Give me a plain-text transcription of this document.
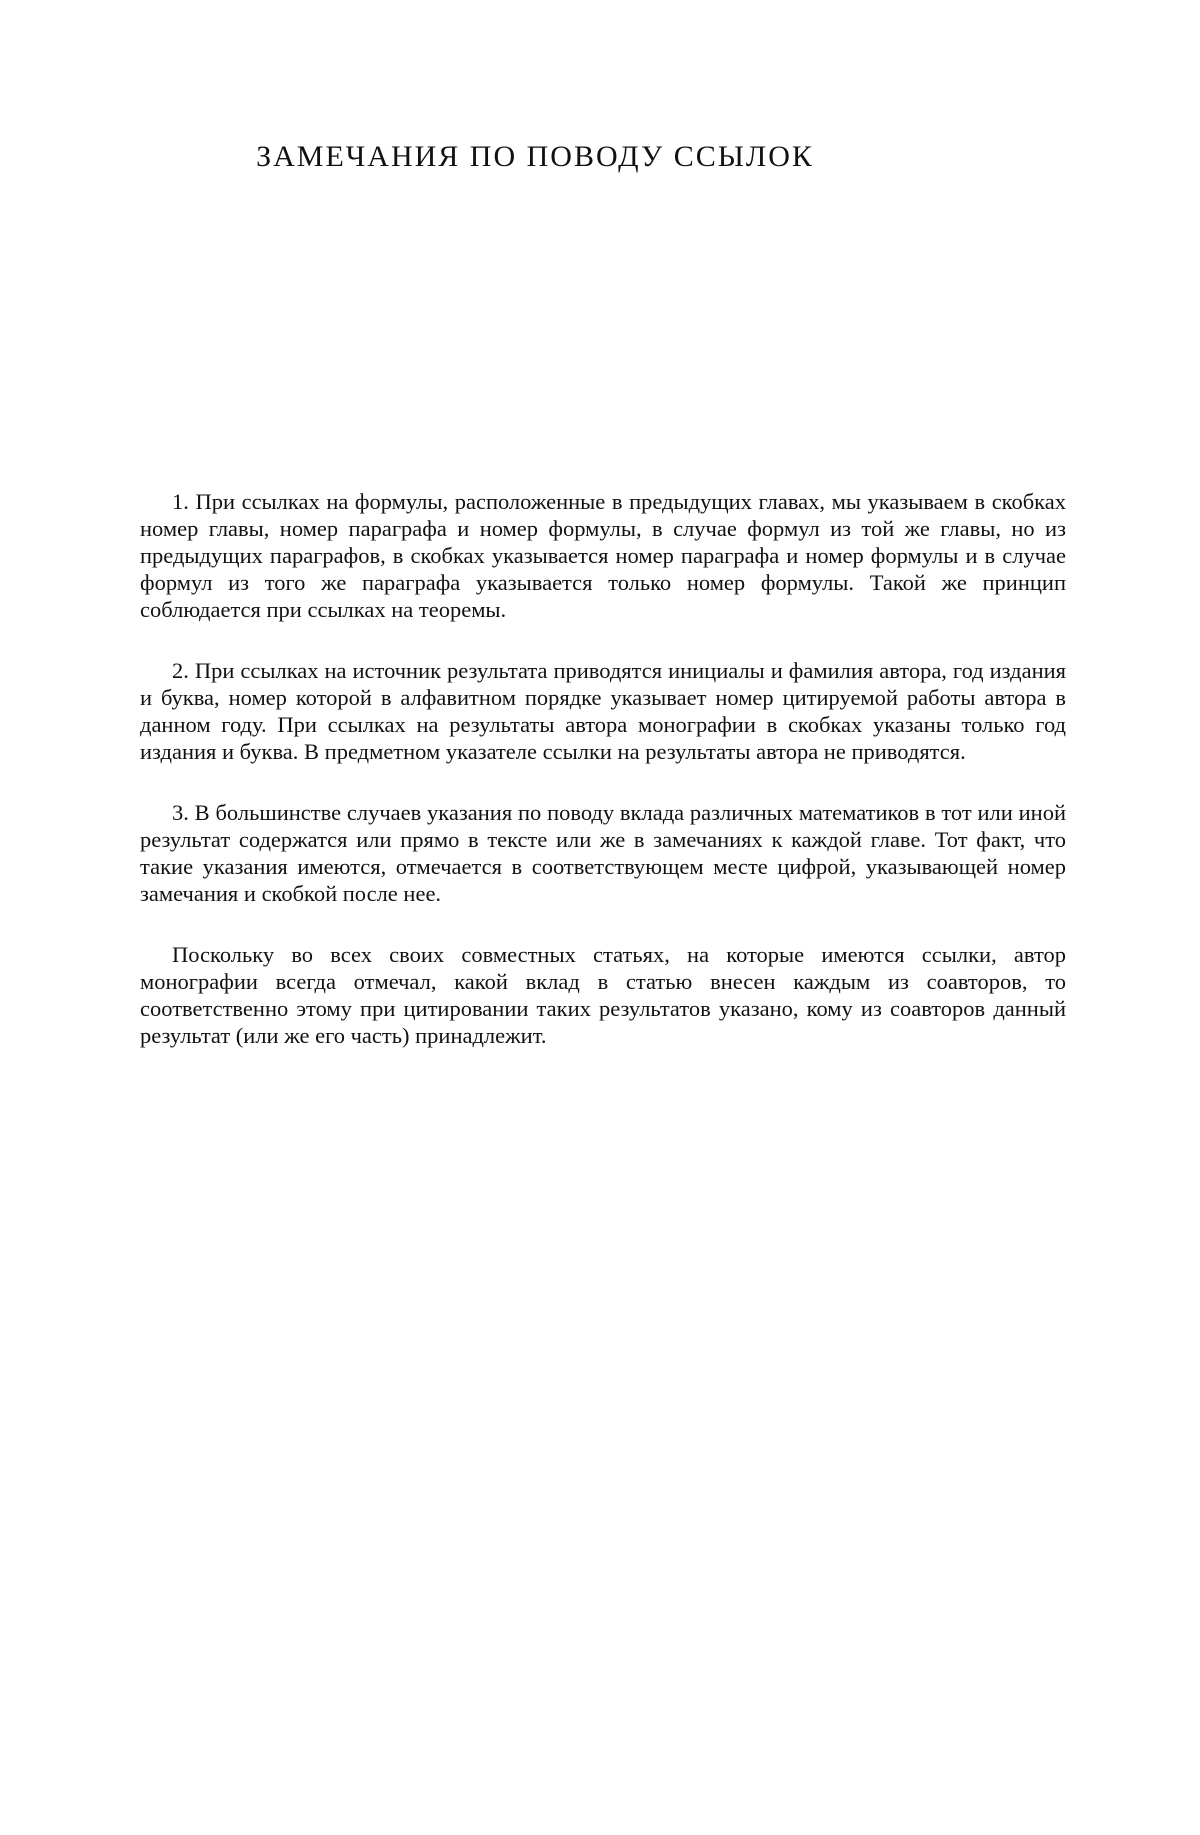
ЗАМЕЧАНИЯ ПО ПОВОДУ ССЫЛОК

1. При ссылках на формулы, расположенные в предыдущих главах, мы указываем в скобках номер главы, номер параграфа и номер формулы, в случае формул из той же главы, но из предыдущих параграфов, в скобках указывается номер параграфа и номер формулы и в случае формул из того же параграфа указывается только номер формулы. Такой же принцип соблюдается при ссылках на теоремы.

2. При ссылках на источник результата приводятся инициалы и фамилия автора, год издания и буква, номер которой в алфавитном порядке указывает номер цитируемой работы автора в данном году. При ссылках на результаты автора монографии в скобках указаны только год издания и буква. В предметном указателе ссылки на результаты автора не приводятся.

3. В большинстве случаев указания по поводу вклада различных математиков в тот или иной результат содержатся или прямо в тексте или же в замечаниях к каждой главе. Тот факт, что такие указания имеются, отмечается в соответствующем месте цифрой, указывающей номер замечания и скобкой после нее.

Поскольку во всех своих совместных статьях, на которые имеются ссылки, автор монографии всегда отмечал, какой вклад в статью внесен каждым из соавторов, то соответственно этому при цитировании таких результатов указано, кому из соавторов данный результат (или же его часть) принадлежит.
